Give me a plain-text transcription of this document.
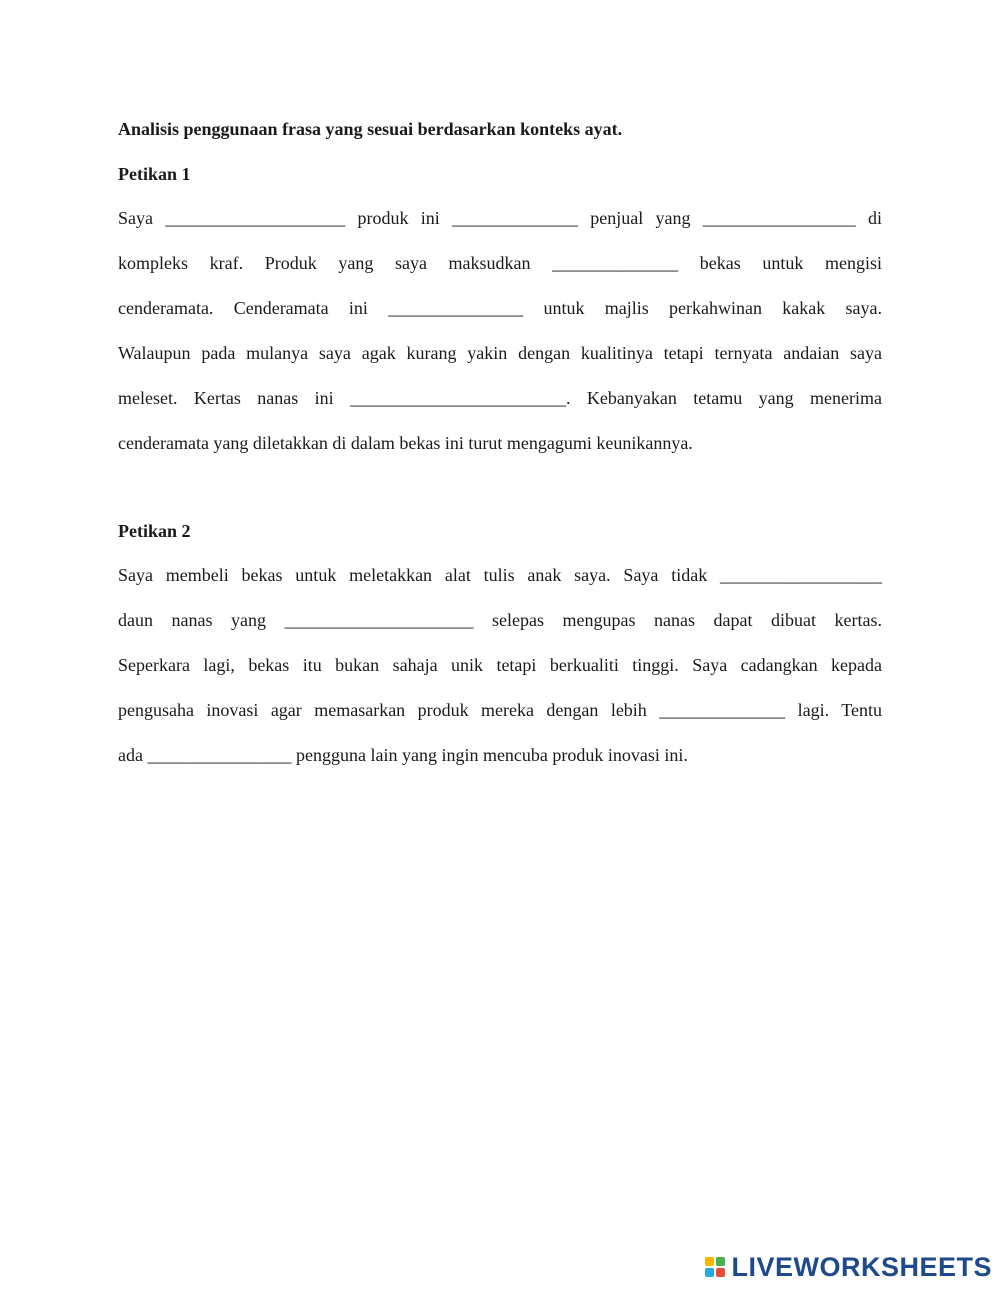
Analisis penggunaan frasa yang sesuai berdasarkan konteks ayat.

Petikan 1

Saya ____________________ produk ini ______________ penjual yang _________________ di
kompleks kraf. Produk yang saya maksudkan ______________ bekas untuk mengisi
cenderamata. Cenderamata ini _______________ untuk majlis perkahwinan kakak saya.
Walaupun pada mulanya saya agak kurang yakin dengan kualitinya tetapi ternyata andaian saya
meleset. Kertas nanas ini ________________________. Kebanyakan tetamu yang menerima
cenderamata yang diletakkan di dalam bekas ini turut mengagumi keunikannya.

Petikan 2

Saya membeli bekas untuk meletakkan alat tulis anak saya. Saya tidak __________________
daun nanas yang _____________________ selepas mengupas nanas dapat dibuat kertas.
Seperkara lagi, bekas itu bukan sahaja unik tetapi berkualiti tinggi. Saya cadangkan kepada
pengusaha inovasi agar memasarkan produk mereka dengan lebih ______________ lagi. Tentu
ada ________________ pengguna lain yang ingin mencuba produk inovasi ini.
LIVEWORKSHEETS
